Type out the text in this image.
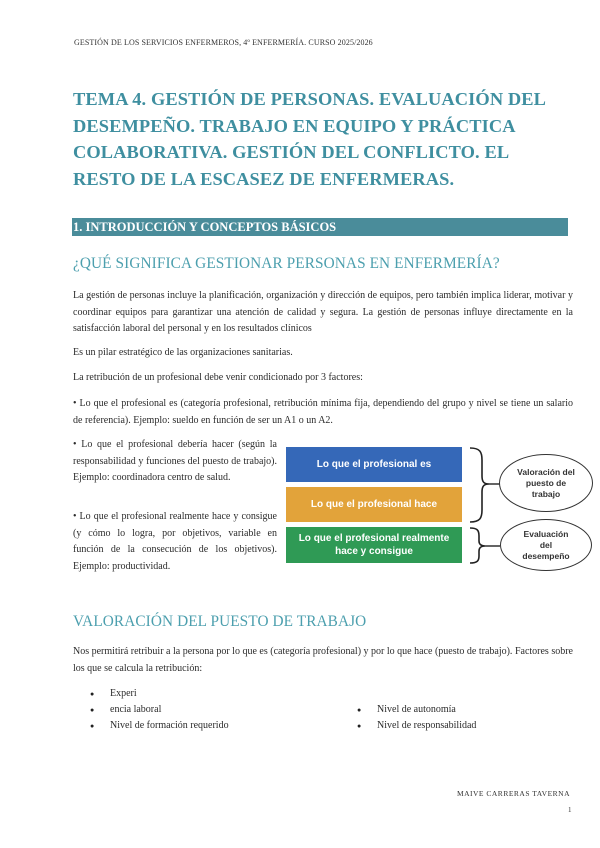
GESTIÓN DE LOS SERVICIOS ENFERMEROS, 4º ENFERMERÍA. CURSO 2025/2026
TEMA 4. GESTIÓN DE PERSONAS. EVALUACIÓN DEL DESEMPEÑO. TRABAJO EN EQUIPO Y PRÁCTICA COLABORATIVA. GESTIÓN DEL CONFLICTO. EL RESTO DE LA ESCASEZ DE ENFERMERAS.
1. INTRODUCCIÓN Y CONCEPTOS BÁSICOS
¿QUÉ SIGNIFICA GESTIONAR PERSONAS EN ENFERMERÍA?
La gestión de personas incluye la planificación, organización y dirección de equipos, pero también implica liderar, motivar y coordinar equipos para garantizar una atención de calidad y segura. La gestión de personas influye directamente en la satisfacción laboral del personal y en los resultados clínicos
Es un pilar estratégico de las organizaciones sanitarias.
La retribución de un profesional debe venir condicionado por 3 factores:
• Lo que el profesional es (categoría profesional, retribución mínima fija, dependiendo del grupo y nivel se tiene un salario de referencia). Ejemplo: sueldo en función de ser un A1 o un A2.
• Lo que el profesional debería hacer (según la responsabilidad y funciones del puesto de trabajo). Ejemplo: coordinadora centro de salud.
• Lo que el profesional realmente hace y consigue (y cómo lo logra, por objetivos, variable en función de la consecución de los objetivos). Ejemplo: productividad.
Lo que el profesional es
Lo que el profesional hace
Lo que el profesional realmente hace y consigue
Valoración del puesto de trabajo
Evaluación del desempeño
VALORACIÓN DEL PUESTO DE TRABAJO
Nos permitirá retribuir a la persona por lo que es (categoría profesional) y por lo que hace (puesto de trabajo). Factores sobre los que se calcula la retribución:
● Experi
● encia laboral
● Nivel de formación requerido
● Nivel de autonomía
● Nivel de responsabilidad
MAIVE CARRERAS TAVERNA
1
